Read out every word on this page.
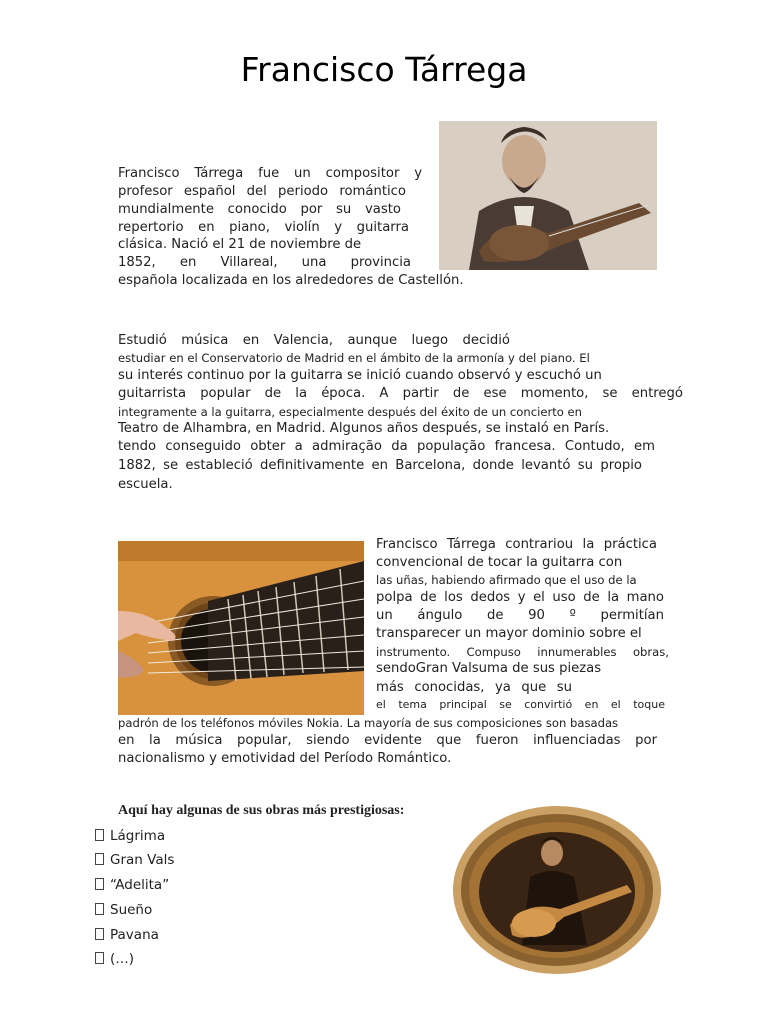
Francisco Tárrega
Francisco Tárrega fue un compositor y
profesor español del periodo romántico
mundialmente conocido por su vasto
repertorio en piano, violín y guitarra
clásica. Nació el 21 de noviembre de
1852, en Villareal, una provincia
española localizada en los alrededores de Castellón.
Estudió música en Valencia, aunque luego decidió
estudiar en el Conservatorio de Madrid en el ámbito de la armonía y del piano. El
su interés continuo por la guitarra se inició cuando observó y escuchó un
guitarrista popular de la época. A partir de ese momento, se entregó
integramente a la guitarra, especialmente después del éxito de un concierto en
Teatro de Alhambra, en Madrid. Algunos años después, se instaló en París.
tendo conseguido obter a admiração da população francesa. Contudo, em
1882, se estableció definitivamente en Barcelona, donde levantó su propio
escuela.
Francisco Tárrega contrariou la práctica
convencional de tocar la guitarra con
las uñas, habiendo afirmado que el uso de la
polpa de los dedos y el uso de la mano
un ángulo de 90 º permitían
transparecer un mayor dominio sobre el
instrumento. Compuso innumerables obras,
sendoGran Valsuma de sus piezas
más conocidas, ya que su
el tema principal se convirtió en el toque
padrón de los teléfonos móviles Nokia. La mayoría de sus composiciones son basadas
en la música popular, siendo evidente que fueron influenciadas por
nacionalismo y emotividad del Período Romántico.
Aquí hay algunas de sus obras más prestigiosas:
Lágrima
Gran Vals
“Adelita”
Sueño
Pavana
(…)
